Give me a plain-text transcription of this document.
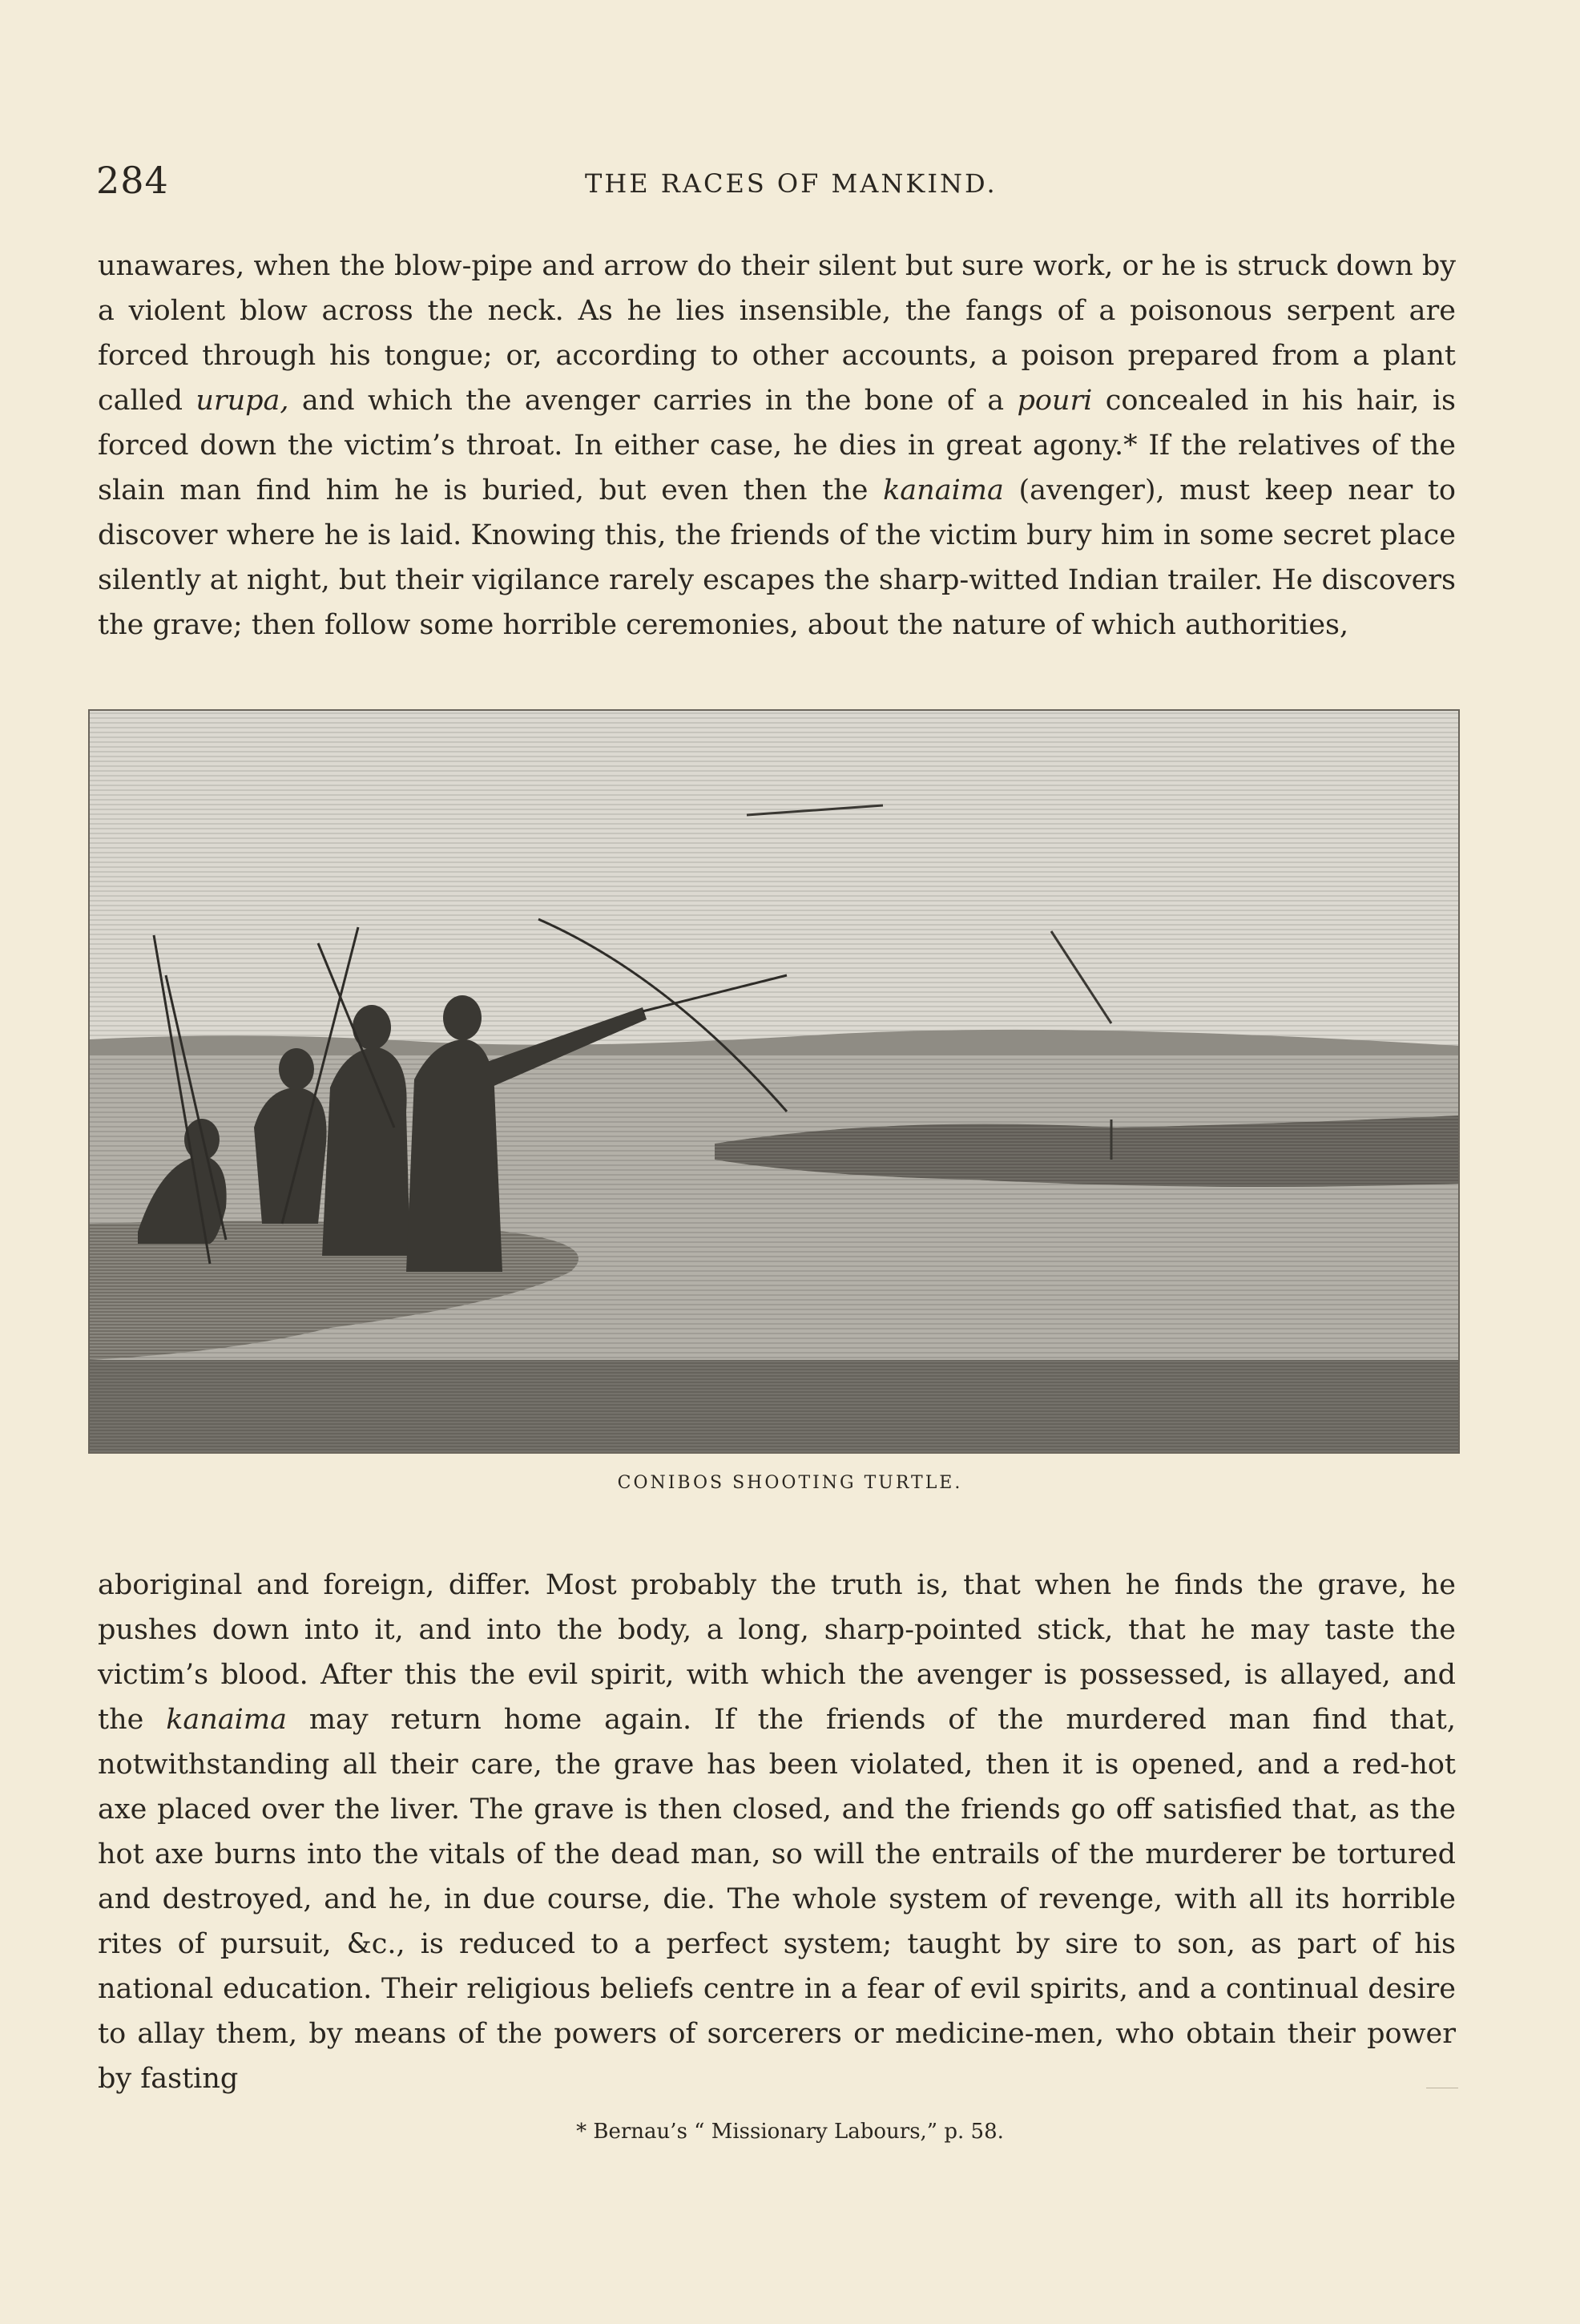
284	THE RACES OF MANKIND.

unawares, when the blow-pipe and arrow do their silent but sure work, or he is struck down by a violent blow across the neck. As he lies insensible, the fangs of a poisonous serpent are forced through his tongue; or, according to other accounts, a poison prepared from a plant called urupa, and which the avenger carries in the bone of a pouri concealed in his hair, is forced down the victim’s throat. In either case, he dies in great agony.* If the relatives of the slain man find him he is buried, but even then the kanaima (avenger), must keep near to discover where he is laid. Knowing this, the friends of the victim bury him in some secret place silently at night, but their vigilance rarely escapes the sharp-witted Indian trailer. He discovers the grave; then follow some horrible ceremonies, about the nature of which authorities,

CONIBOS SHOOTING TURTLE.

aboriginal and foreign, differ. Most probably the truth is, that when he finds the grave, he pushes down into it, and into the body, a long, sharp-pointed stick, that he may taste the victim’s blood. After this the evil spirit, with which the avenger is possessed, is allayed, and the kanaima may return home again. If the friends of the murdered man find that, notwithstanding all their care, the grave has been violated, then it is opened, and a red-hot axe placed over the liver. The grave is then closed, and the friends go off satisfied that, as the hot axe burns into the vitals of the dead man, so will the entrails of the murderer be tortured and destroyed, and he, in due course, die. The whole system of revenge, with all its horrible rites of pursuit, &c., is reduced to a perfect system; taught by sire to son, as part of his national education. Their religious beliefs centre in a fear of evil spirits, and a continual desire to allay them, by means of the powers of sorcerers or medicine-men, who obtain their power by fasting

* Bernau’s “ Missionary Labours,” p. 58.
